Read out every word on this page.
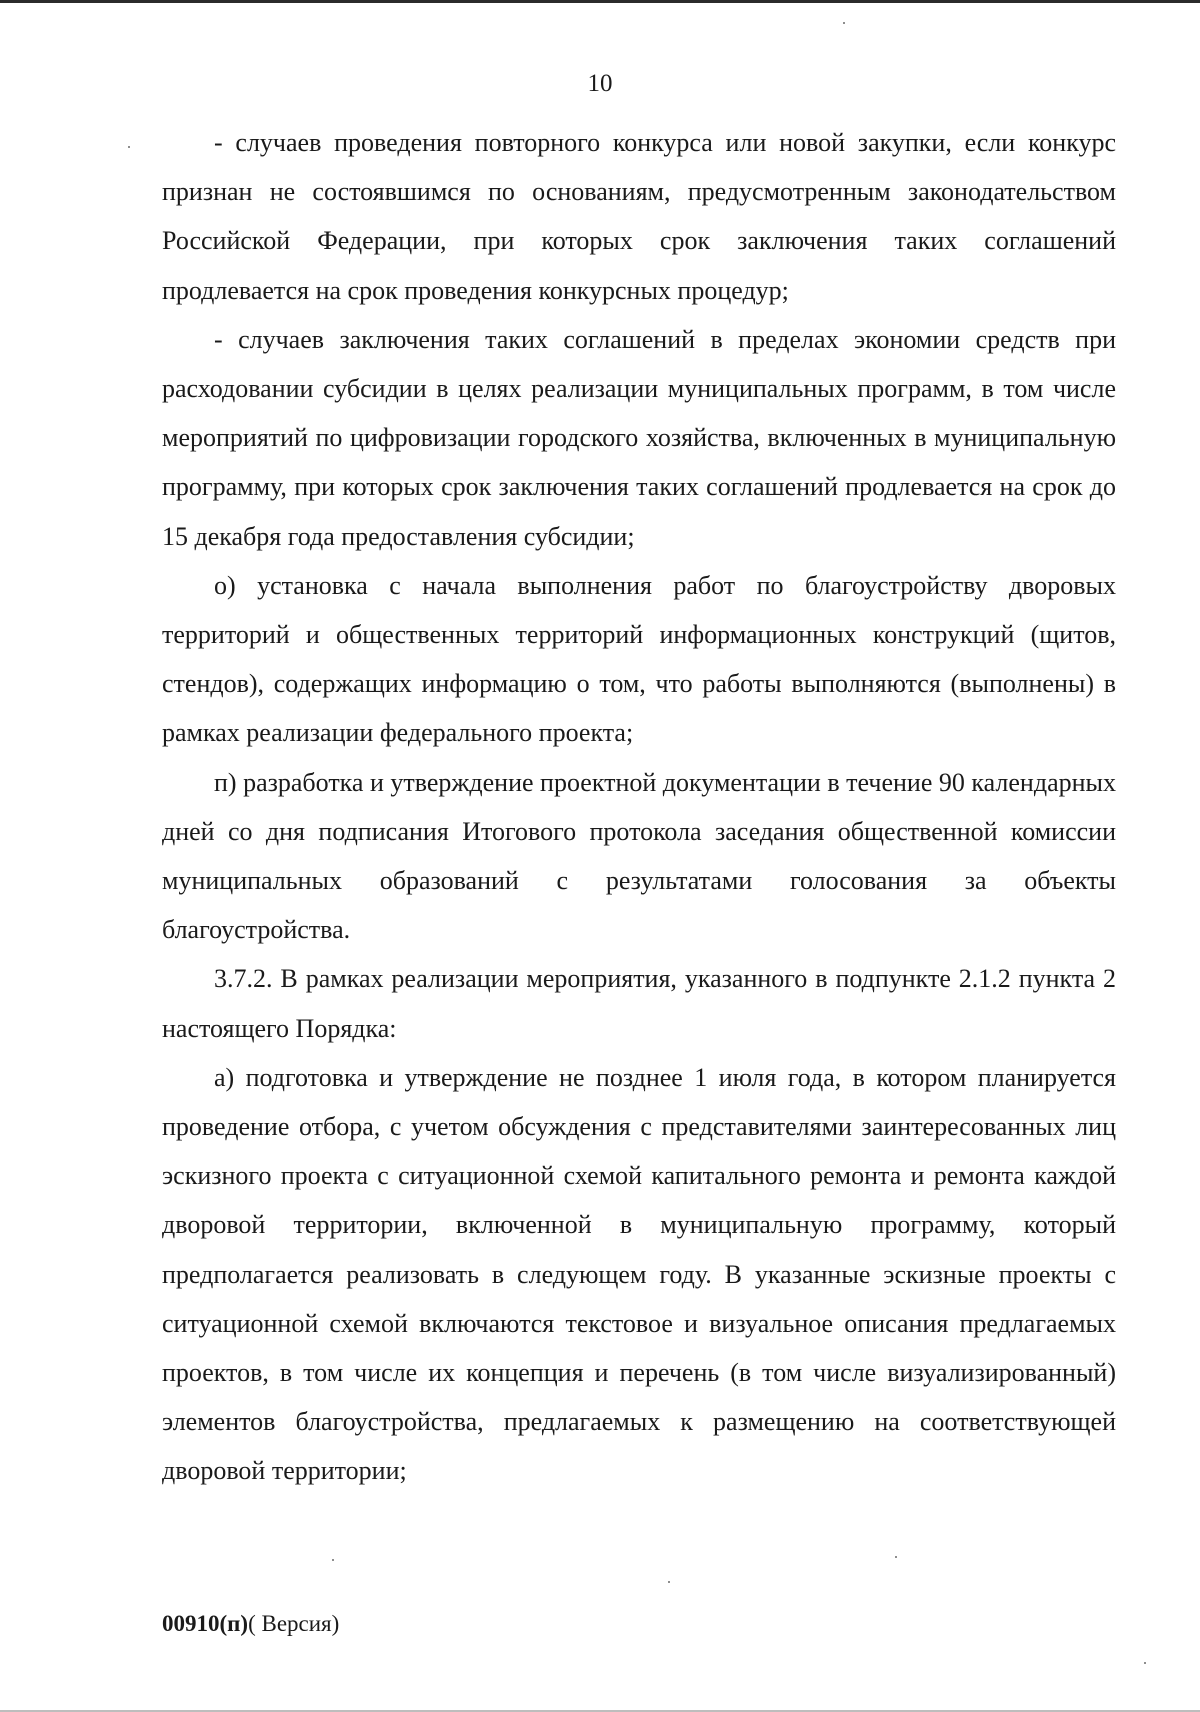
10

- случаев проведения повторного конкурса или новой закупки, если конкурс признан не состоявшимся по основаниям, предусмотренным законодательством Российской Федерации, при которых срок заключения таких соглашений продлевается на срок проведения конкурсных процедур;

- случаев заключения таких соглашений в пределах экономии средств при расходовании субсидии в целях реализации муниципальных программ, в том числе мероприятий по цифровизации городского хозяйства, включенных в муниципальную программу, при которых срок заключения таких соглашений продлевается на срок до 15 декабря года предоставления субсидии;

о) установка с начала выполнения работ по благоустройству дворовых территорий и общественных территорий информационных конструкций (щитов, стендов), содержащих информацию о том, что работы выполняются (выполнены) в рамках реализации федерального проекта;

п) разработка и утверждение проектной документации в течение 90 календарных дней со дня подписания Итогового протокола заседания общественной комиссии муниципальных образований с результатами голосования за объекты благоустройства.

3.7.2. В рамках реализации мероприятия, указанного в подпункте 2.1.2 пункта 2 настоящего Порядка:

а) подготовка и утверждение не позднее 1 июля года, в котором планируется проведение отбора, с учетом обсуждения с представителями заинтересованных лиц эскизного проекта с ситуационной схемой капитального ремонта и ремонта каждой дворовой территории, включенной в муниципальную программу, который предполагается реализовать в следующем году. В указанные эскизные проекты с ситуационной схемой включаются текстовое и визуальное описания предлагаемых проектов, в том числе их концепция и перечень (в том числе визуализированный) элементов благоустройства, предлагаемых к размещению на соответствующей дворовой территории;

00910(п)( Версия)
